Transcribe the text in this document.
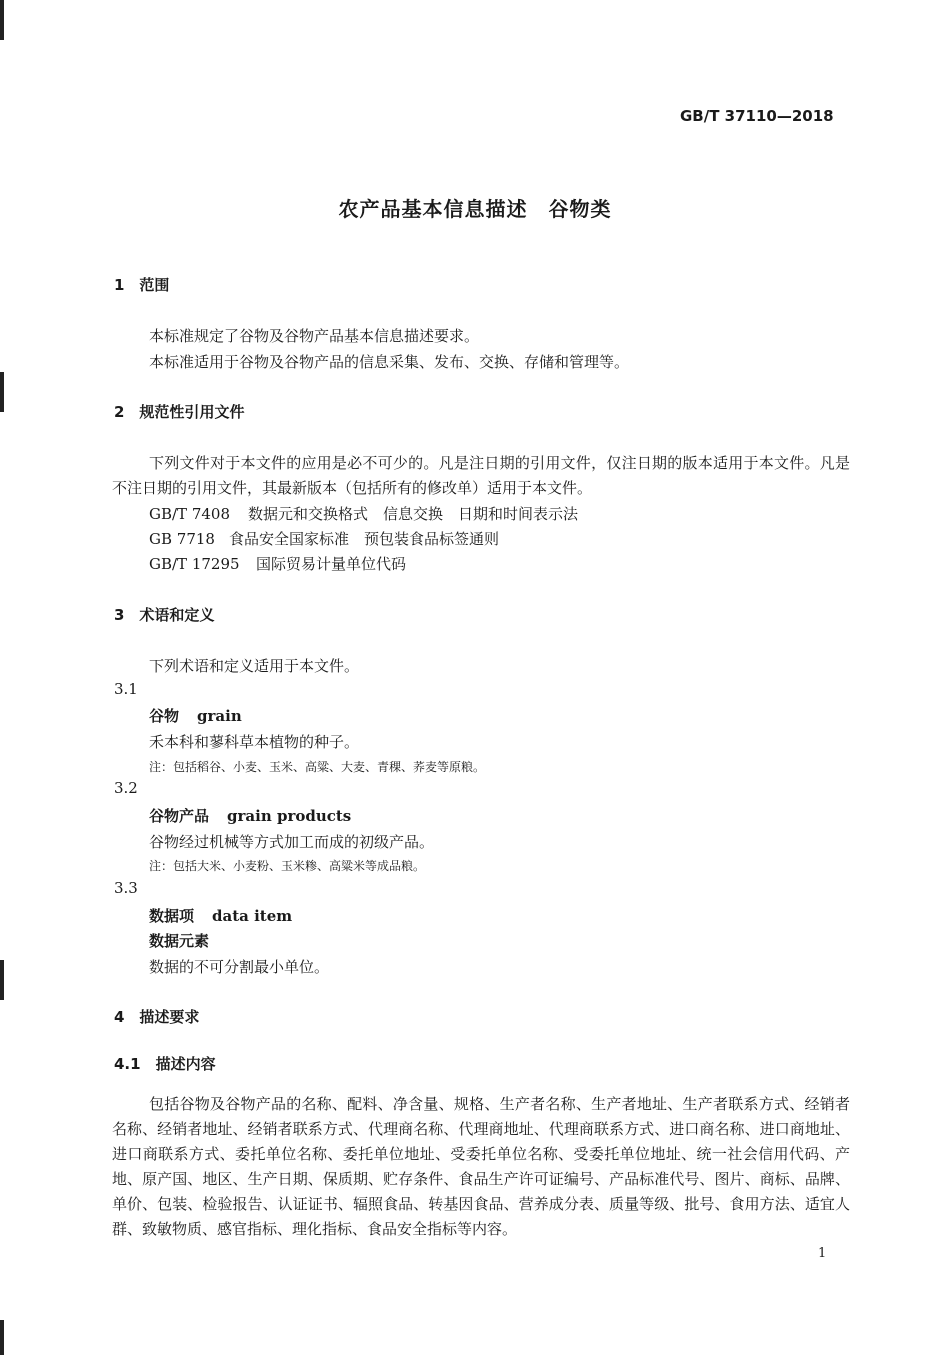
GB/T 37110—2018
农产品基本信息描述　谷物类
1　范围
本标准规定了谷物及谷物产品基本信息描述要求。
本标准适用于谷物及谷物产品的信息采集、发布、交换、存储和管理等。
2　规范性引用文件
下列文件对于本文件的应用是必不可少的。凡是注日期的引用文件，仅注日期的版本适用于本文件。凡是不注日期的引用文件，其最新版本（包括所有的修改单）适用于本文件。
GB/T 7408 数据元和交换格式　信息交换　日期和时间表示法
GB 7718 食品安全国家标准　预包装食品标签通则
GB/T 17295 国际贸易计量单位代码
3　术语和定义
下列术语和定义适用于本文件。
3.1
谷物 grain
禾本科和蓼科草本植物的种子。
注：包括稻谷、小麦、玉米、高粱、大麦、青稞、荞麦等原粮。
3.2
谷物产品 grain products
谷物经过机械等方式加工而成的初级产品。
注：包括大米、小麦粉、玉米糁、高粱米等成品粮。
3.3
数据项 data item
数据元素
数据的不可分割最小单位。
4　描述要求
4.1　描述内容
包括谷物及谷物产品的名称、配料、净含量、规格、生产者名称、生产者地址、生产者联系方式、经销者名称、经销者地址、经销者联系方式、代理商名称、代理商地址、代理商联系方式、进口商名称、进口商地址、进口商联系方式、委托单位名称、委托单位地址、受委托单位名称、受委托单位地址、统一社会信用代码、产地、原产国、地区、生产日期、保质期、贮存条件、食品生产许可证编号、产品标准代号、图片、商标、品牌、单价、包装、检验报告、认证证书、辐照食品、转基因食品、营养成分表、质量等级、批号、食用方法、适宜人群、致敏物质、感官指标、理化指标、食品安全指标等内容。
1
